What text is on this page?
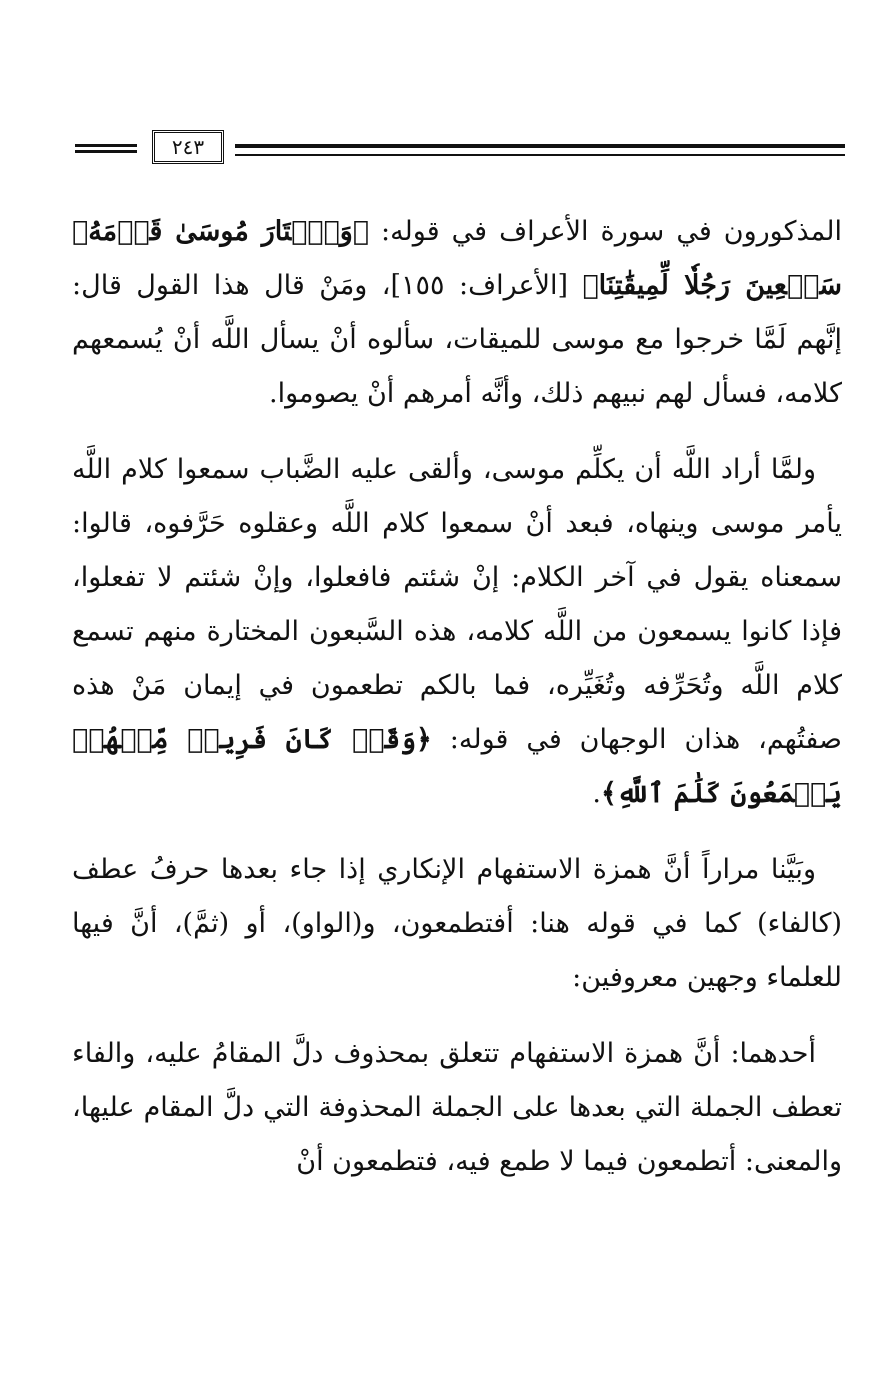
٢٤٣

المذكورون في سورة الأعراف في قوله: ﴿وَٱخۡتَارَ مُوسَىٰ قَوۡمَهُۥ سَبۡعِينَ رَجُلٗا لِّمِيقَٰتِنَا﴾ [الأعراف: ١٥٥]، ومَنْ قال هذا القول قال: إنَّهم لَمَّا خرجوا مع موسى للميقات، سألوه أنْ يسأل اللَّه أنْ يُسمعهم كلامه، فسأل لهم نبيهم ذلك، وأنَّه أمرهم أنْ يصوموا.

ولمَّا أراد اللَّه أن يكلِّم موسى، وألقى عليه الضَّباب سمعوا كلام اللَّه يأمر موسى وينهاه، فبعد أنْ سمعوا كلام اللَّه وعقلوه حَرَّفوه، قالوا: سمعناه يقول في آخر الكلام: إنْ شئتم فافعلوا، وإنْ شئتم لا تفعلوا، فإذا كانوا يسمعون من اللَّه كلامه، هذه السَّبعون المختارة منهم تسمع كلام اللَّه وتُحَرِّفه وتُغَيِّره، فما بالكم تطعمون في إيمان مَنْ هذه صفتُهم، هذان الوجهان في قوله: ﴿وَقَدۡ كَانَ فَرِيقٞ مِّنۡهُمۡ يَسۡمَعُونَ كَلَٰمَ ٱللَّهِ﴾.

وبَيَّنا مراراً أنَّ همزة الاستفهام الإنكاري إذا جاء بعدها حرفُ عطف (كالفاء) كما في قوله هنا: أفتطمعون، و(الواو)، أو (ثمَّ)، أنَّ فيها للعلماء وجهين معروفين:

أحدهما: أنَّ همزة الاستفهام تتعلق بمحذوف دلَّ المقامُ عليه، والفاء تعطف الجملة التي بعدها على الجملة المحذوفة التي دلَّ المقام عليها، والمعنى: أتطمعون فيما لا طمع فيه، فتطمعون أنْ
